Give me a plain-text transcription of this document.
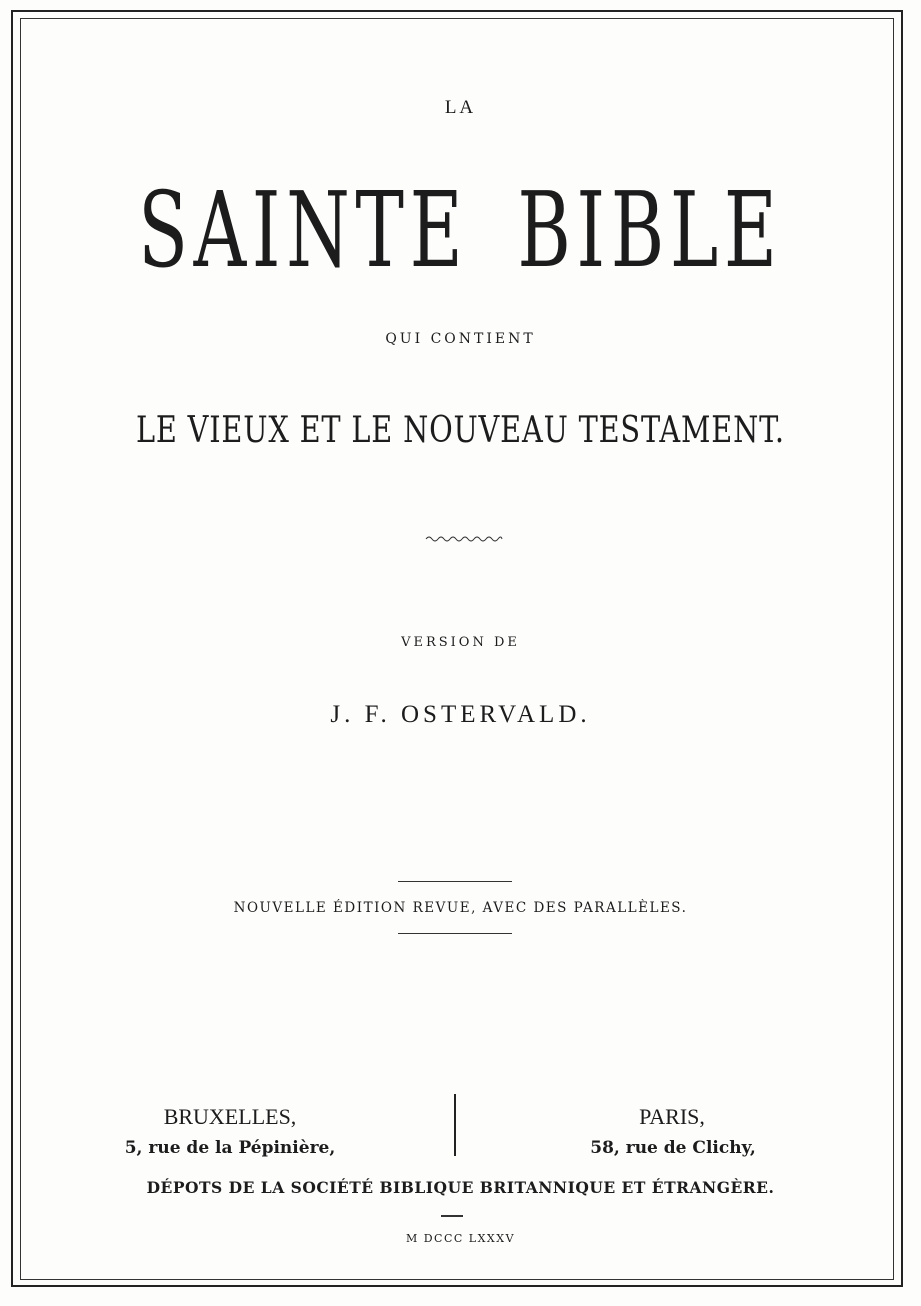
LA
SAINTE BIBLE
QUI CONTIENT
LE VIEUX ET LE NOUVEAU TESTAMENT.
VERSION DE
J. F. OSTERVALD.
NOUVELLE ÉDITION REVUE, AVEC DES PARALLÈLES.
BRUXELLES,
5, rue de la Pépinière,
PARIS,
58, rue de Clichy,
DÉPOTS DE LA SOCIÉTÉ BIBLIQUE BRITANNIQUE ET ÉTRANGÈRE.
M DCCC LXXXV
